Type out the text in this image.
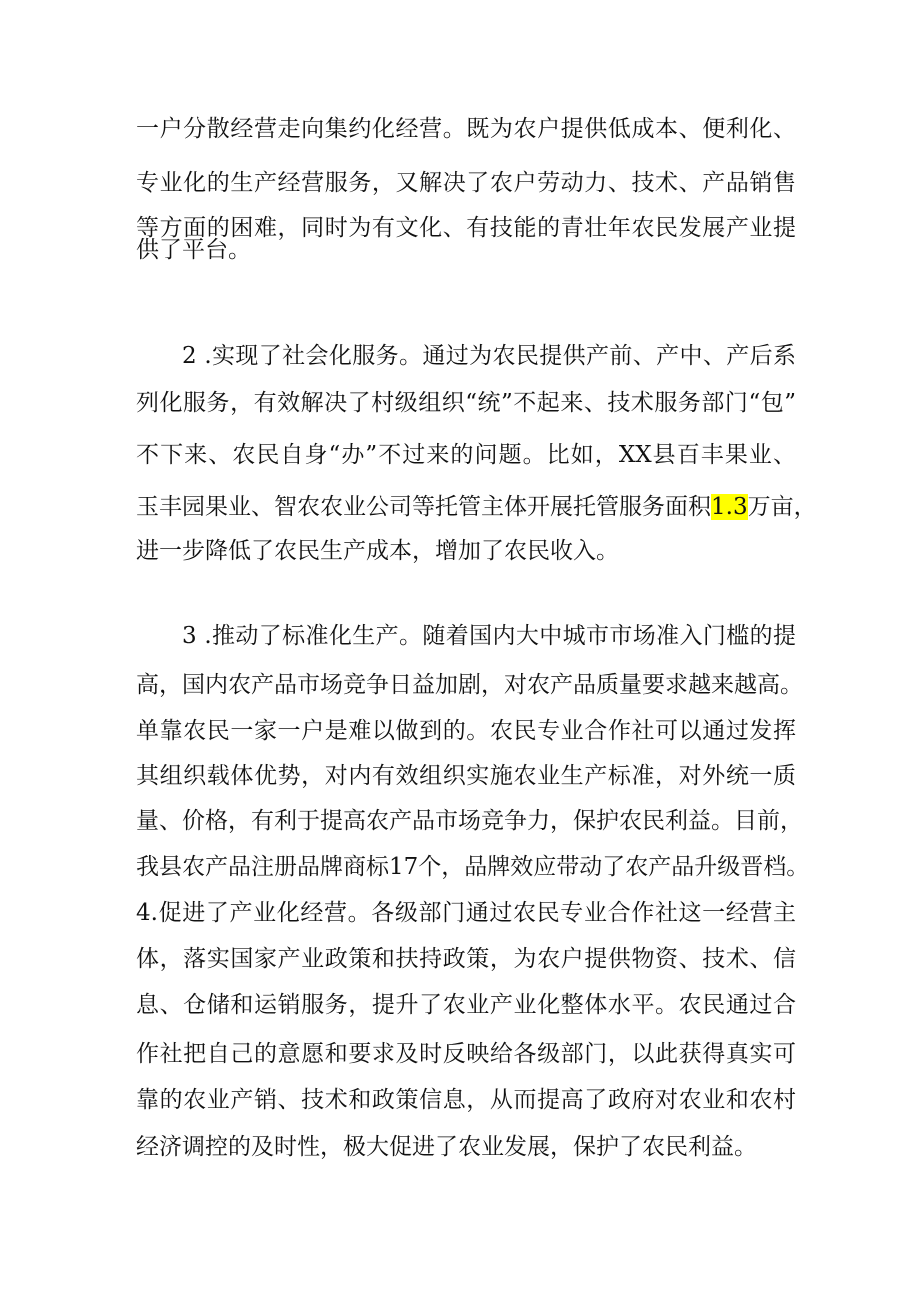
一户分散经营走向集约化经营。既为农户提供低成本、便利化、
专业化的生产经营服务，又解决了农户劳动力、技术、产品销售
等方面的困难，同时为有文化、有技能的青壮年农民发展产业提
供了平台。
2 .实现了社会化服务。通过为农民提供产前、产中、产后系
列化服务，有效解决了村级组织“统”不起来、技术服务部门“包”
不下来、农民自身“办”不过来的问题。比如，XX县百丰果业、
玉丰园果业、智农农业公司等托管主体开展托管服务面积1.3万亩，
进一步降低了农民生产成本，增加了农民收入。
3 .推动了标准化生产。随着国内大中城市市场准入门槛的提
高，国内农产品市场竞争日益加剧，对农产品质量要求越来越高。
单靠农民一家一户是难以做到的。农民专业合作社可以通过发挥
其组织载体优势，对内有效组织实施农业生产标准，对外统一质
量、价格，有利于提高农产品市场竞争力，保护农民利益。目前，
我县农产品注册品牌商标17个，品牌效应带动了农产品升级晋档。
4.促进了产业化经营。各级部门通过农民专业合作社这一经营主
体，落实国家产业政策和扶持政策，为农户提供物资、技术、信
息、仓储和运销服务，提升了农业产业化整体水平。农民通过合
作社把自己的意愿和要求及时反映给各级部门，以此获得真实可
靠的农业产销、技术和政策信息，从而提高了政府对农业和农村
经济调控的及时性，极大促进了农业发展，保护了农民利益。
